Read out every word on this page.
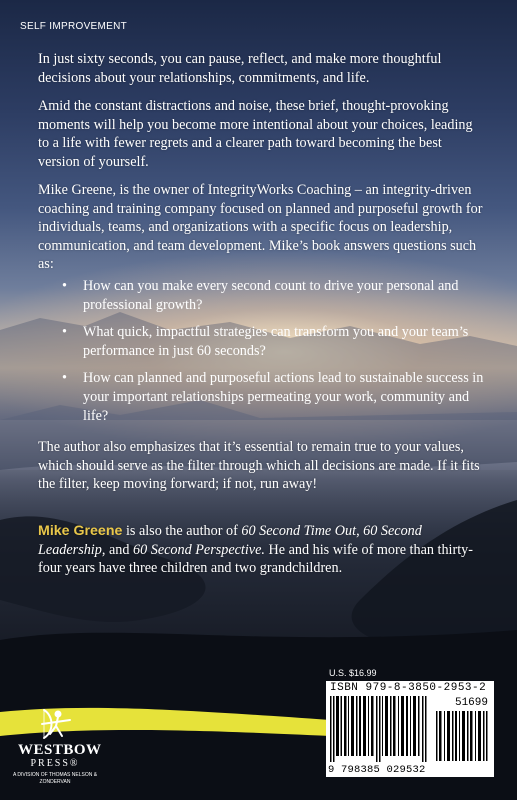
SELF IMPROVEMENT

In just sixty seconds, you can pause, reflect, and make more thoughtful decisions about your relationships, commitments, and life.

Amid the constant distractions and noise, these brief, thought-provoking moments will help you become more intentional about your choices, leading to a life with fewer regrets and a clearer path toward becoming the best version of yourself.

Mike Greene, is the owner of IntegrityWorks Coaching – an integrity-driven coaching and training company focused on planned and purposeful growth for individuals, teams, and organizations with a specific focus on leadership, communication, and team development. Mike’s book answers questions such as:

• How can you make every second count to drive your personal and professional growth?
• What quick, impactful strategies can transform you and your team’s performance in just 60 seconds?
• How can planned and purposeful actions lead to sustainable success in your important relationships permeating your work, community and life?

The author also emphasizes that it’s essential to remain true to your values, which should serve as the filter through which all decisions are made. If it fits the filter, keep moving forward; if not, run away!

Mike Greene is also the author of 60 Second Time Out, 60 Second Leadership, and 60 Second Perspective. He and his wife of more than thirty-four years have three children and two grandchildren.

U.S. $16.99
ISBN 979-8-3850-2953-2
51699
9 798385 029532
WESTBOW
PRESS®
A DIVISION OF THOMAS NELSON & ZONDERVAN
